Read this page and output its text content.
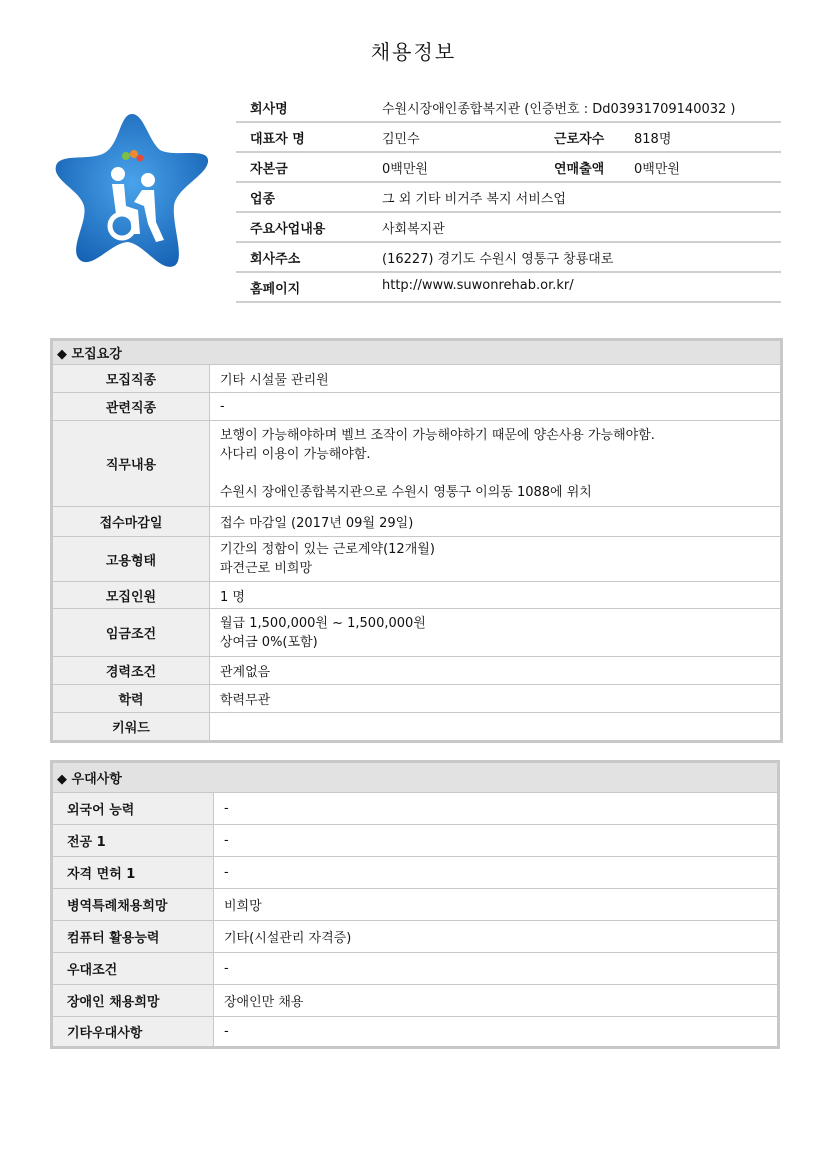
채용정보
회사명	수원시장애인종합복지관 (인증번호 : Dd03931709140032 )
대표자 명	김민수	근로자수 818명
자본금	0백만원	연매출액 0백만원
업종	그 외 기타 비거주 복지 서비스업
주요사업내용	사회복지관
회사주소	(16227) 경기도 수원시 영통구 창룡대로
홈페이지	http://www.suwonrehab.or.kr/
◆ 모집요강	
모집직종	기타 시설물 관리원
관련직종	-
직무내용	보행이 가능해야하며 벨브 조작이 가능해야하기 때문에 양손사용 가능해야함.
사다리 이용이 가능해야함.

수원시 장애인종합복지관으로 수원시 영통구 이의동 1088에 위치
접수마감일	접수 마감일 (2017년 09월 29일)
고용형태	기간의 정함이 있는 근로계약(12개월)
파견근로 비희망
모집인원	1 명
임금조건	월급 1,500,000원 ~ 1,500,000원
상여금 0%(포함)
경력조건	관계없음
학력	학력무관
키워드	
◆ 우대사항	
외국어 능력	-
전공 1	-
자격 면허 1	-
병역특례채용희망	비희망
컴퓨터 활용능력	기타(시설관리 자격증)
우대조건	-
장애인 채용희망	장애인만 채용
기타우대사항	-
